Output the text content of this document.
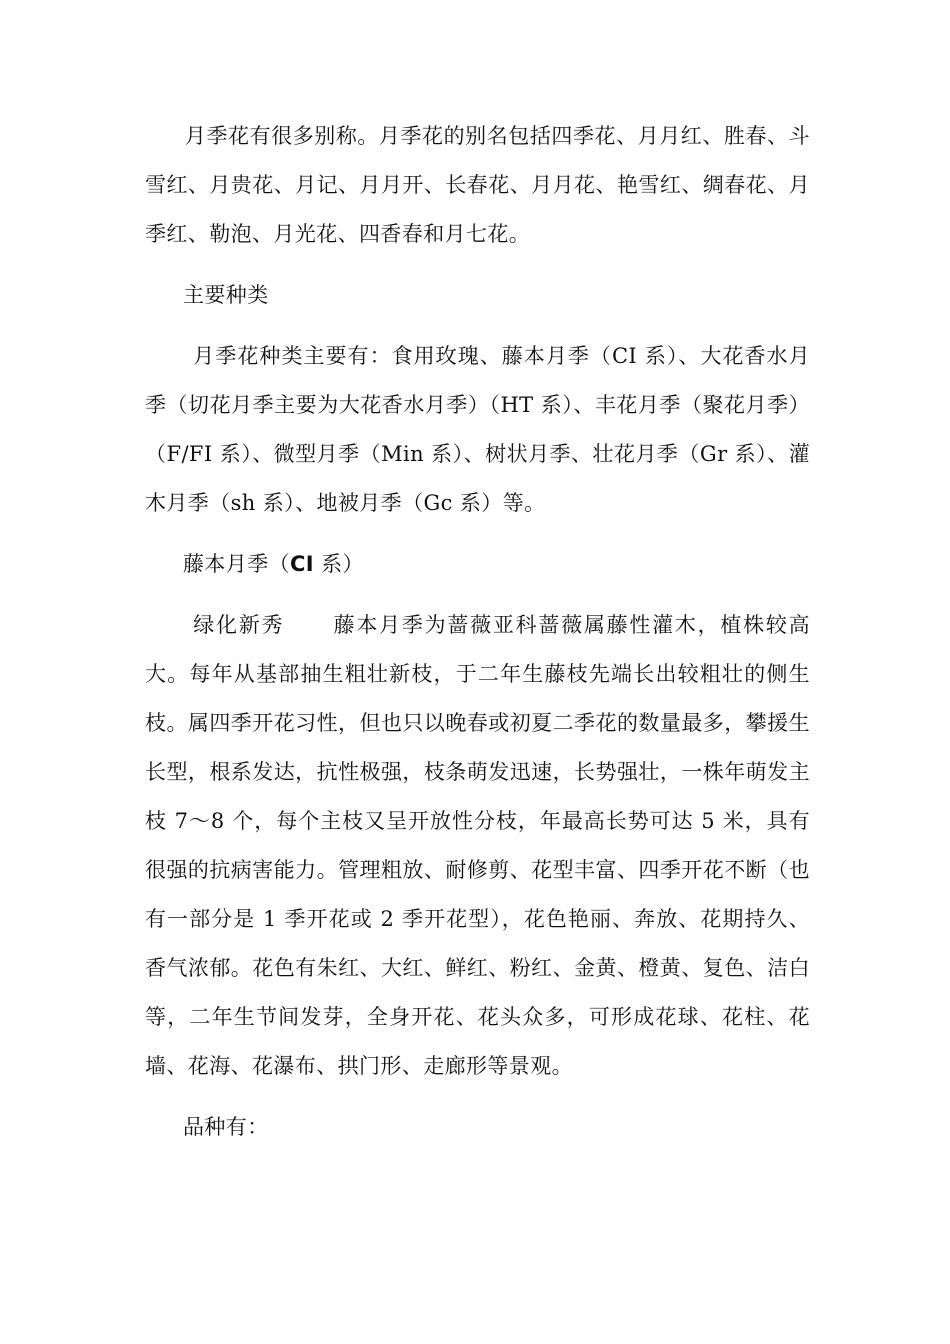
月季花有很多别称。月季花的别名包括四季花、月月红、胜春、斗雪红、月贵花、月记、月月开、长春花、月月花、艳雪红、绸春花、月季红、勒泡、月光花、四香春和月七花。

主要种类

月季花种类主要有：食用玫瑰、藤本月季（CI 系）、大花香水月季（切花月季主要为大花香水月季）（HT 系）、丰花月季（聚花月季）（F/FI 系）、微型月季（Min 系）、树状月季、壮花月季（Gr 系）、灌木月季（sh 系）、地被月季（Gc 系）等。

藤本月季（CI 系）

绿化新秀 藤本月季为蔷薇亚科蔷薇属藤性灌木，植株较高大。每年从基部抽生粗壮新枝，于二年生藤枝先端长出较粗壮的侧生枝。属四季开花习性，但也只以晚春或初夏二季花的数量最多，攀援生长型，根系发达，抗性极强，枝条萌发迅速，长势强壮，一株年萌发主枝 7～8 个，每个主枝又呈开放性分枝，年最高长势可达 5 米，具有很强的抗病害能力。管理粗放、耐修剪、花型丰富、四季开花不断（也有一部分是 1 季开花或 2 季开花型），花色艳丽、奔放、花期持久、香气浓郁。花色有朱红、大红、鲜红、粉红、金黄、橙黄、复色、洁白等，二年生节间发芽，全身开花、花头众多，可形成花球、花柱、花墙、花海、花瀑布、拱门形、走廊形等景观。

品种有：
